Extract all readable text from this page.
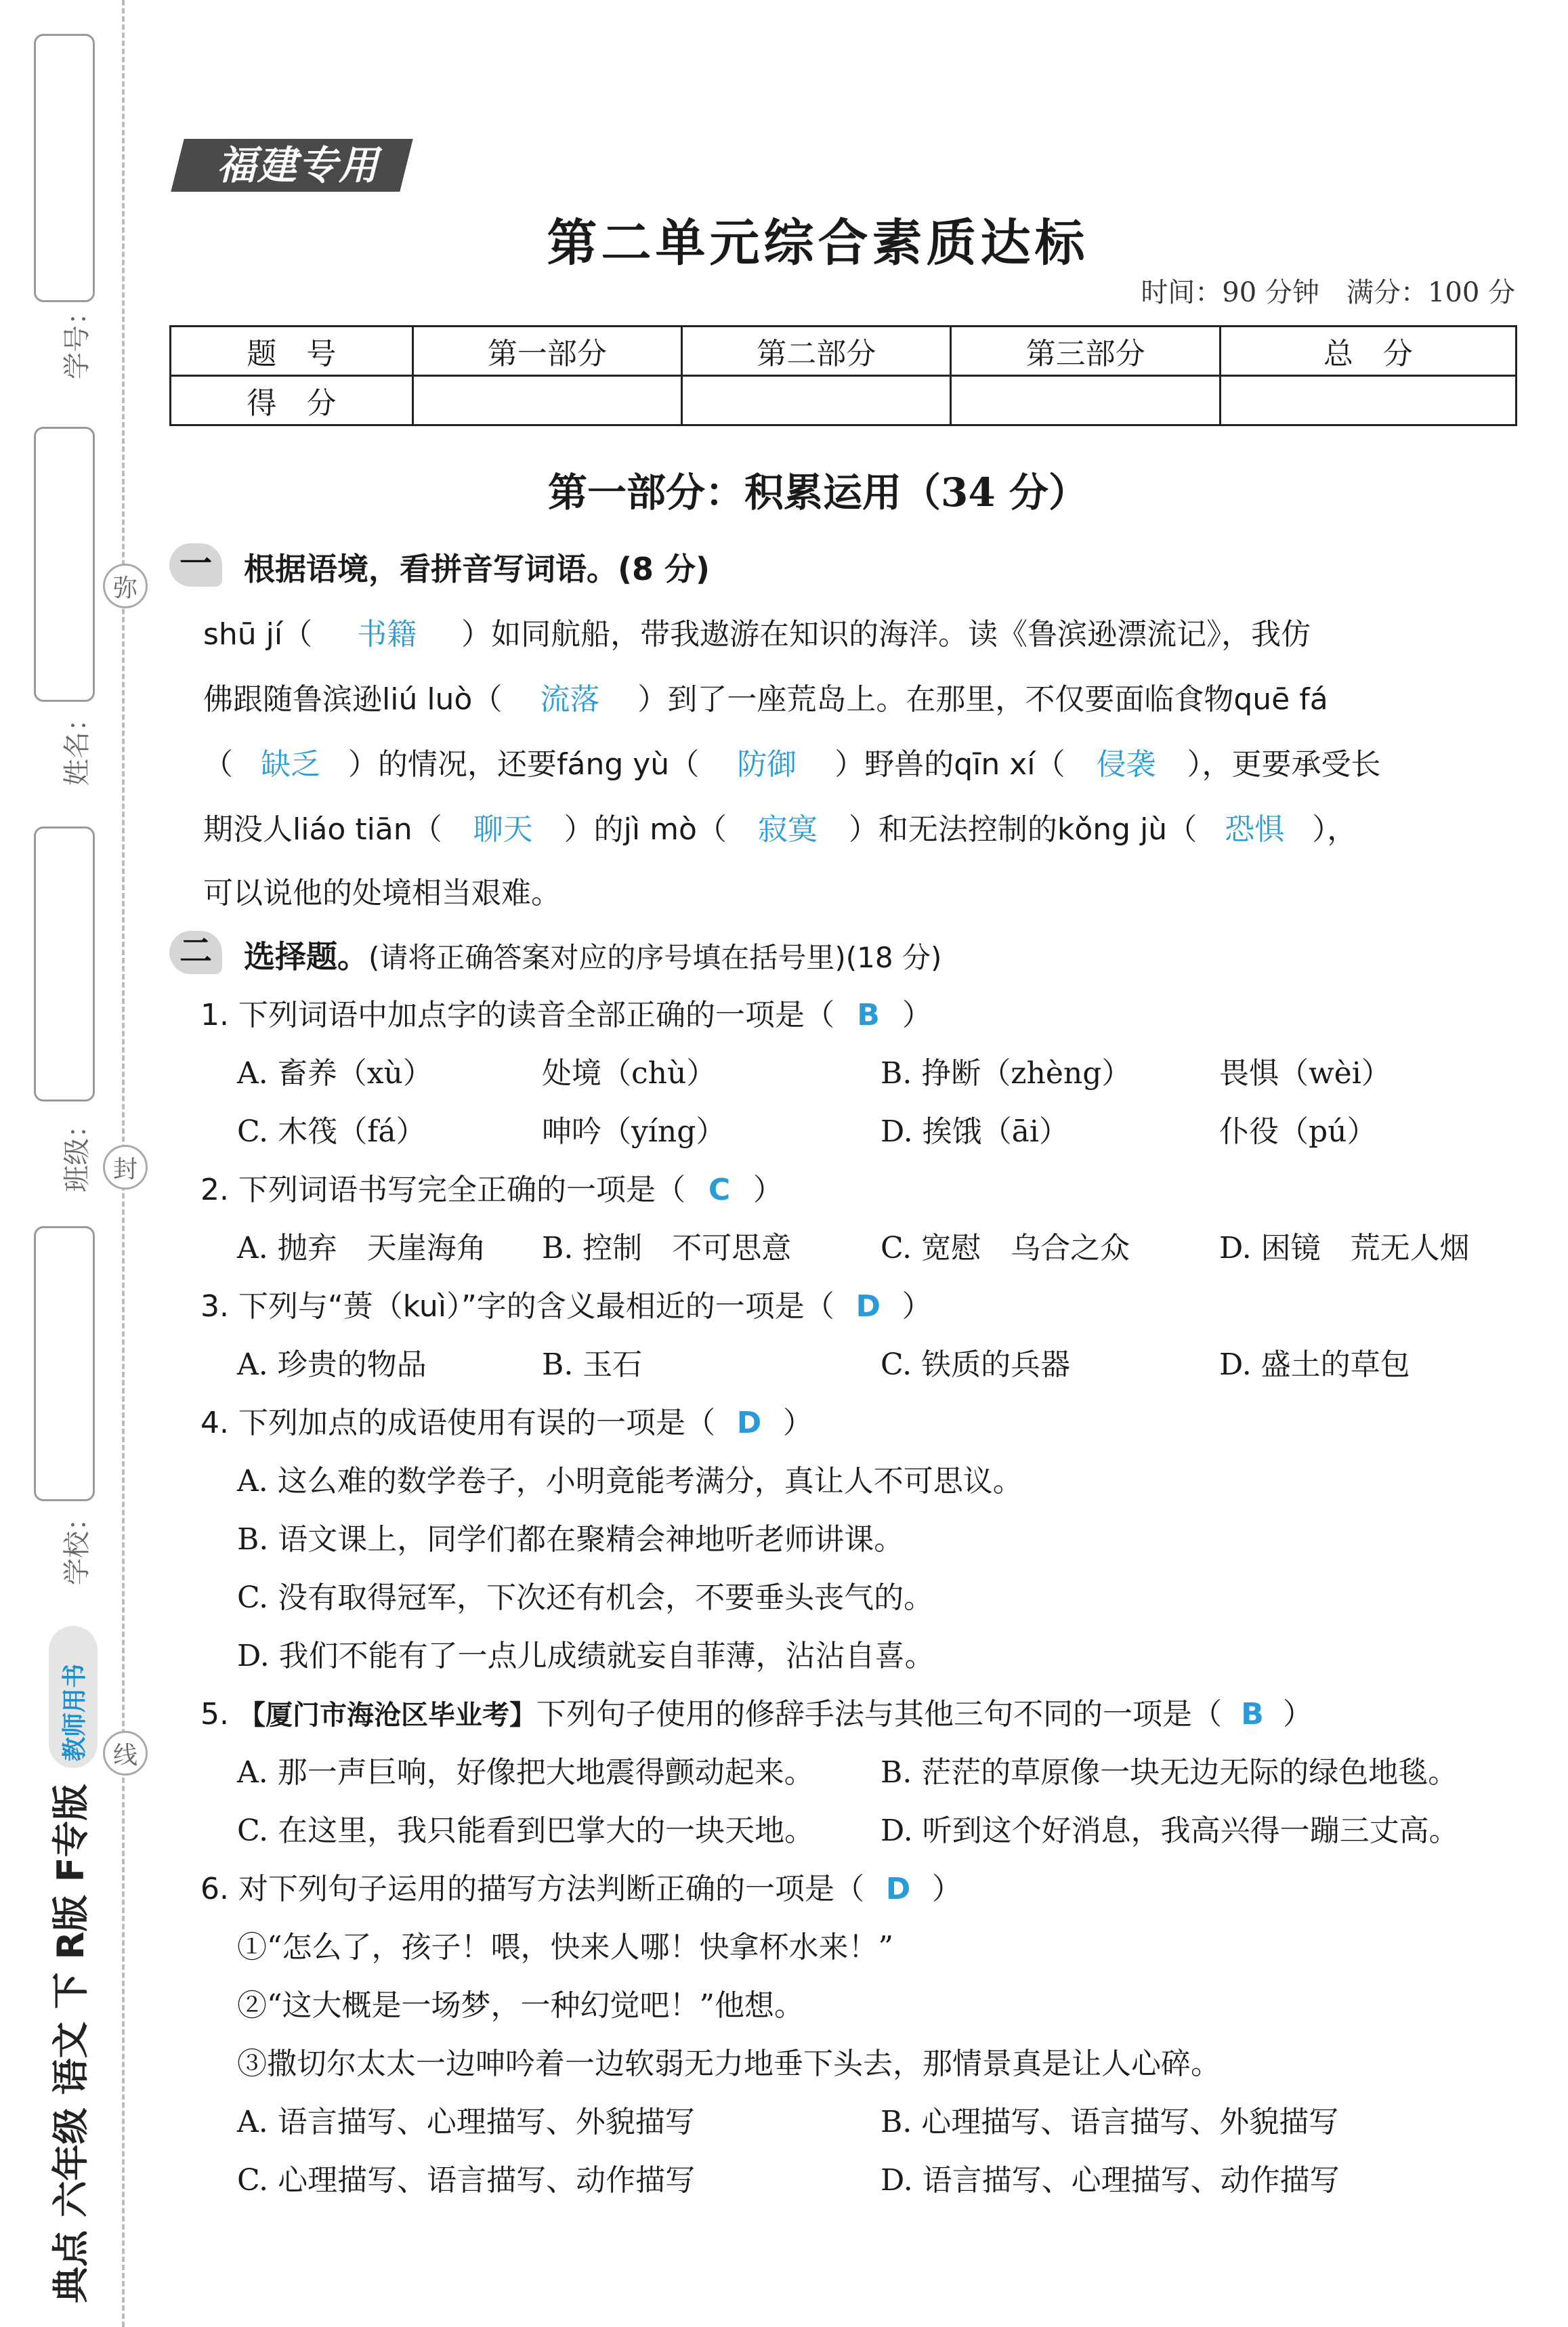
学号：
姓名：
班级：
学校：
弥
封
线
教师用书
典点 六年级 语文 下 R版 F专版
福建专用
第二单元综合素质达标
时间：90 分钟　满分：100 分
题　号	第一部分	第二部分	第三部分	总　分
得　分				
第一部分：积累运用（34 分）
一	根据语境，看拼音写词语。(8 分)
shū jí（ 书籍 ）如同航船，带我遨游在知识的海洋。读《鲁滨逊漂流记》，我仿
佛跟随鲁滨逊liú luò（ 流落 ）到了一座荒岛上。在那里，不仅要面临食物quē fá
（ 缺乏 ）的情况，还要fáng yù（ 防御 ）野兽的qīn xí（ 侵袭 ），更要承受长
期没人liáo tiān（ 聊天 ）的jì mò（ 寂寞 ）和无法控制的kǒng jù（ 恐惧 ），
可以说他的处境相当艰难。
二	选择题。(请将正确答案对应的序号填在括号里)(18 分)
1. 下列词语中加点字的读音全部正确的一项是（ B ）
A. 畜养（xù）	处境（chù）	B. 挣断（zhèng）	畏惧（wèi）
C. 木筏（fá）	呻吟（yíng）	D. 挨饿（āi）	仆役（pú）
2. 下列词语书写完全正确的一项是（ C ）
A. 抛弃　天崖海角 B. 控制　不可思意	C. 宽慰　乌合之众	D. 困镜　荒无人烟
3. 下列与“蒉（kuì）”字的含义最相近的一项是（ D ）
A. 珍贵的物品	B. 玉石	C. 铁质的兵器	D. 盛土的草包
4. 下列加点的成语使用有误的一项是（ D ）
A. 这么难的数学卷子，小明竟能考满分，真让人不可思议。
B. 语文课上，同学们都在聚精会神地听老师讲课。
C. 没有取得冠军，下次还有机会，不要垂头丧气的。
D. 我们不能有了一点儿成绩就妄自菲薄，沾沾自喜。
5. 【厦门市海沧区毕业考】下列句子使用的修辞手法与其他三句不同的一项是（ B ）
A. 那一声巨响，好像把大地震得颤动起来。 B. 茫茫的草原像一块无边无际的绿色地毯。
C. 在这里，我只能看到巴掌大的一块天地。 D. 听到这个好消息，我高兴得一蹦三丈高。
6. 对下列句子运用的描写方法判断正确的一项是（ D ）
①“怎么了，孩子！喂，快来人哪！快拿杯水来！”
②“这大概是一场梦，一种幻觉吧！”他想。
③撒切尔太太一边呻吟着一边软弱无力地垂下头去，那情景真是让人心碎。
A. 语言描写、心理描写、外貌描写	B. 心理描写、语言描写、外貌描写
C. 心理描写、语言描写、动作描写	D. 语言描写、心理描写、动作描写
